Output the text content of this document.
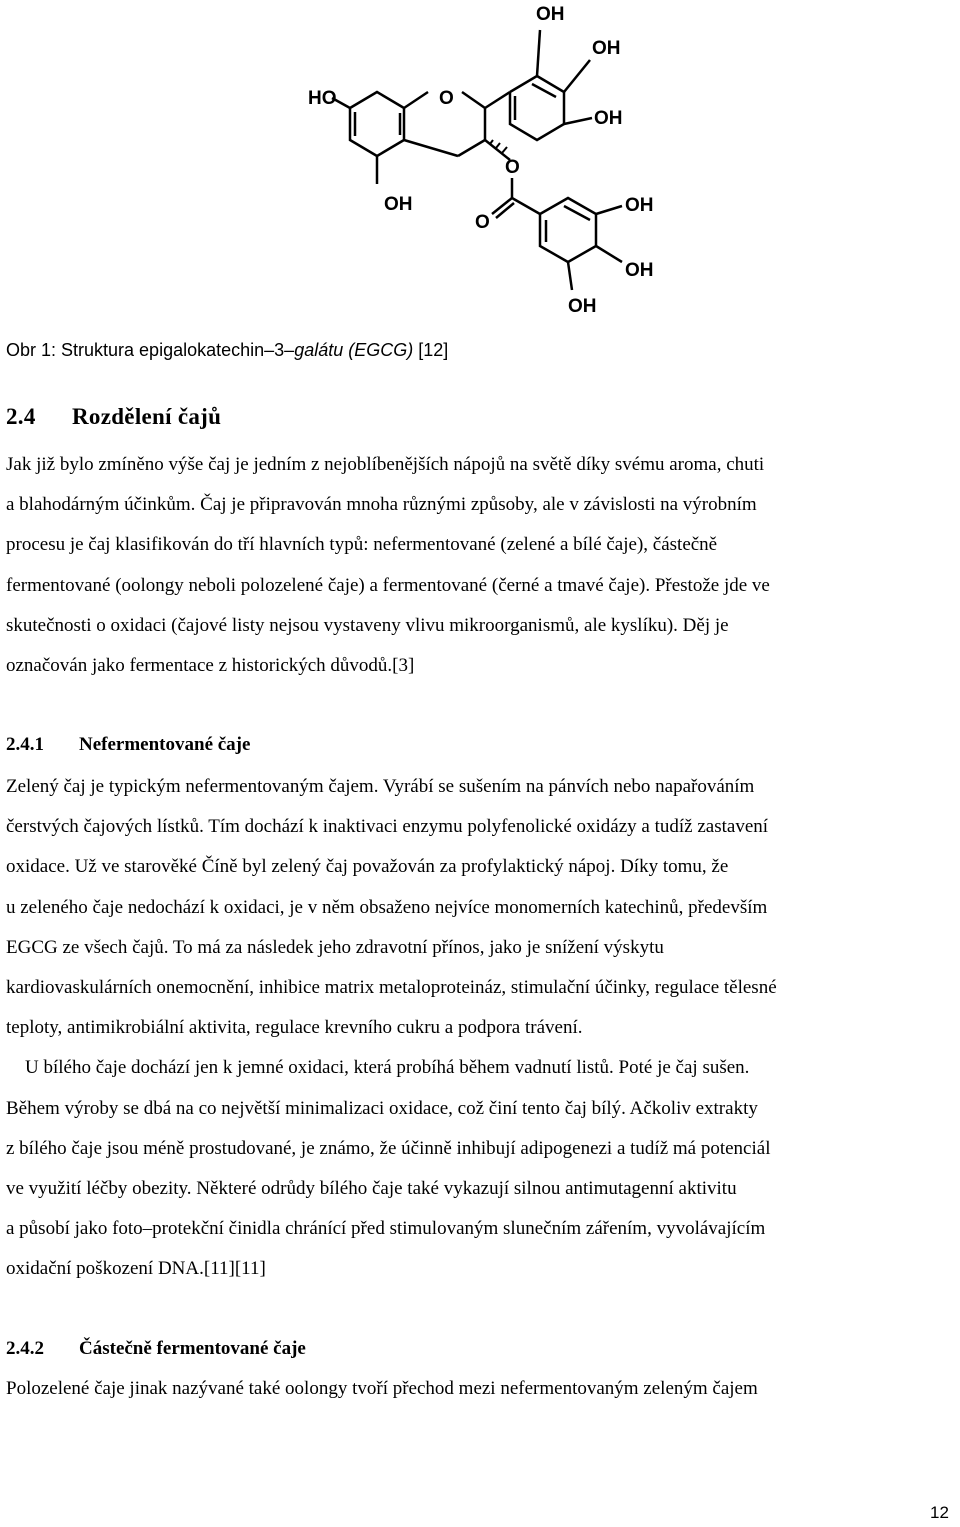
OH
OH
HO	O
OH
O
OH
O
OH
OH
OH
Obr 1: Struktura epigalokatechin–3–galátu (EGCG) [12]
2.4 Rozdělení čajů
Jak již bylo zmíněno výše čaj je jedním z nejoblíbenějších nápojů na světě díky svému aroma, chuti
a blahodárným účinkům. Čaj je připravován mnoha různými způsoby, ale v závislosti na výrobním
procesu je čaj klasifikován do tří hlavních typů: nefermentované (zelené a bílé čaje), částečně
fermentované (oolongy neboli polozelené čaje) a fermentované (černé a tmavé čaje). Přestože jde ve
skutečnosti o oxidaci (čajové listy nejsou vystaveny vlivu mikroorganismů, ale kyslíku). Děj je
označován jako fermentace z historických důvodů.[3]
2.4.1 Nefermentované čaje
Zelený čaj je typickým nefermentovaným čajem. Vyrábí se sušením na pánvích nebo napařováním
čerstvých čajových lístků. Tím dochází k inaktivaci enzymu polyfenolické oxidázy a tudíž zastavení
oxidace. Už ve starověké Číně byl zelený čaj považován za profylaktický nápoj. Díky tomu, že
u zeleného čaje nedochází k oxidaci, je v něm obsaženo nejvíce monomerních katechinů, především
EGCG ze všech čajů. To má za následek jeho zdravotní přínos, jako je snížení výskytu
kardiovaskulárních onemocnění, inhibice matrix metaloproteináz, stimulační účinky, regulace tělesné
teploty, antimikrobiální aktivita, regulace krevního cukru a podpora trávení.
U bílého čaje dochází jen k jemné oxidaci, která probíhá během vadnutí listů. Poté je čaj sušen.
Během výroby se dbá na co největší minimalizaci oxidace, což činí tento čaj bílý. Ačkoliv extrakty
z bílého čaje jsou méně prostudované, je známo, že účinně inhibují adipogenezi a tudíž má potenciál
ve využití léčby obezity. Některé odrůdy bílého čaje také vykazují silnou antimutagenní aktivitu
a působí jako foto–protekční činidla chránící před stimulovaným slunečním zářením, vyvolávajícím
oxidační poškození DNA.[11][11]
2.4.2 Částečně fermentované čaje
Polozelené čaje jinak nazývané také oolongy tvoří přechod mezi nefermentovaným zeleným čajem
12
